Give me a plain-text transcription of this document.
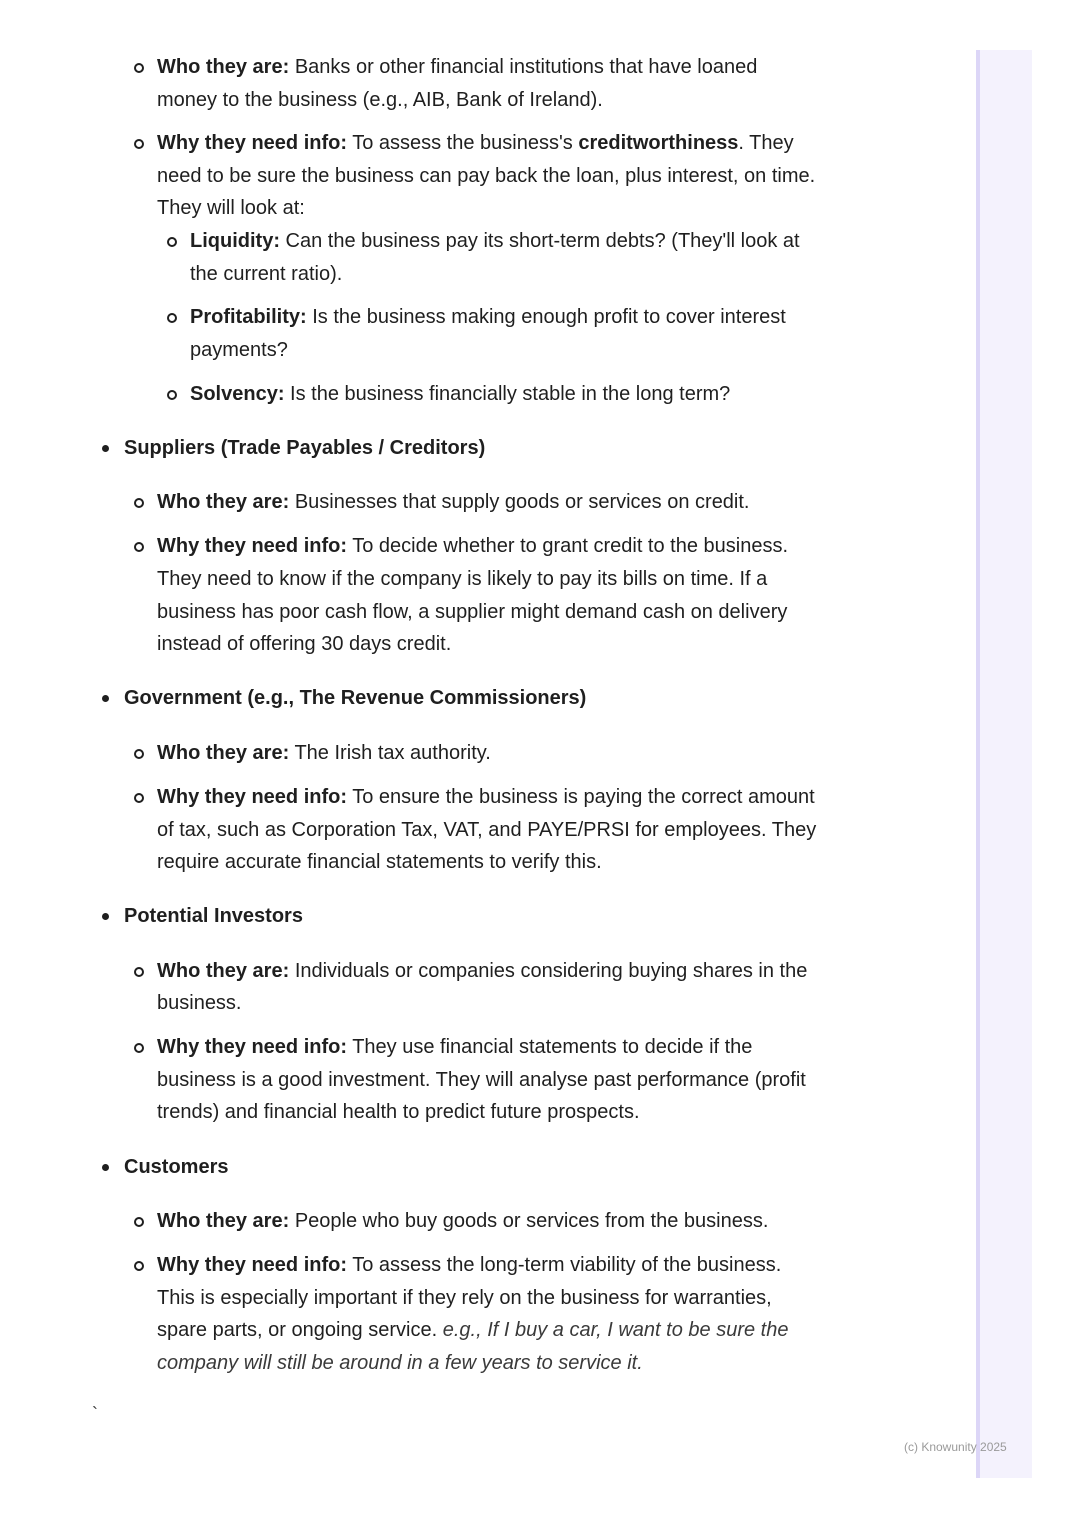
Who they are: Banks or other financial institutions that have loaned
money to the business (e.g., AIB, Bank of Ireland).
Why they need info: To assess the business's creditworthiness. They
need to be sure the business can pay back the loan, plus interest, on time.
They will look at:
Liquidity: Can the business pay its short-term debts? (They'll look at
the current ratio).
Profitability: Is the business making enough profit to cover interest
payments?
Solvency: Is the business financially stable in the long term?
Suppliers (Trade Payables / Creditors)
Who they are: Businesses that supply goods or services on credit.
Why they need info: To decide whether to grant credit to the business.
They need to know if the company is likely to pay its bills on time. If a
business has poor cash flow, a supplier might demand cash on delivery
instead of offering 30 days credit.
Government (e.g., The Revenue Commissioners)
Who they are: The Irish tax authority.
Why they need info: To ensure the business is paying the correct amount
of tax, such as Corporation Tax, VAT, and PAYE/PRSI for employees. They
require accurate financial statements to verify this.
Potential Investors
Who they are: Individuals or companies considering buying shares in the
business.
Why they need info: They use financial statements to decide if the
business is a good investment. They will analyse past performance (profit
trends) and financial health to predict future prospects.
Customers
Who they are: People who buy goods or services from the business.
Why they need info: To assess the long-term viability of the business.
This is especially important if they rely on the business for warranties,
spare parts, or ongoing service. e.g., If I buy a car, I want to be sure the
company will still be around in a few years to service it.
`
(c) Knowunity 2025
